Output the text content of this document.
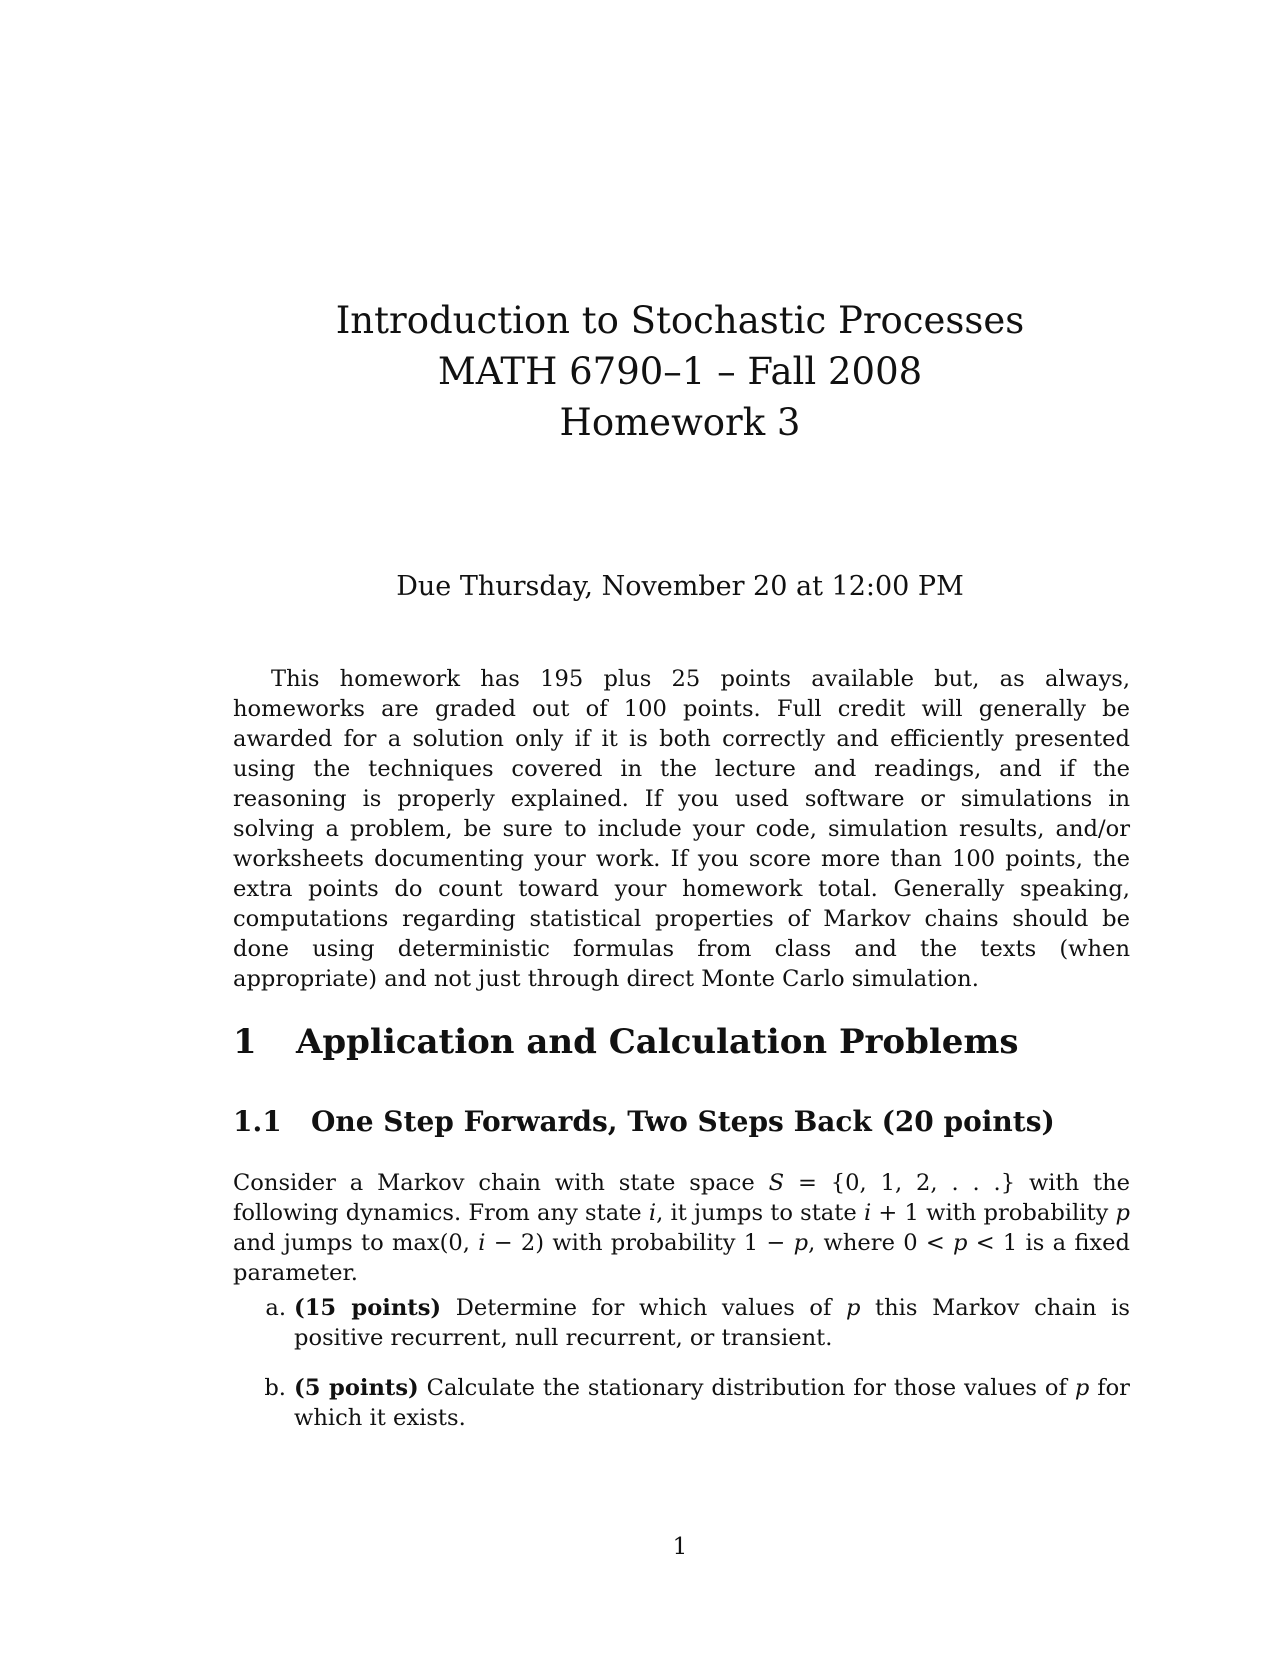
Introduction to Stochastic Processes
MATH 6790–1 – Fall 2008
Homework 3
Due Thursday, November 20 at 12:00 PM

This homework has 195 plus 25 points available but, as always, homeworks are graded out of 100 points. Full credit will generally be awarded for a solution only if it is both correctly and efficiently presented using the techniques covered in the lecture and readings, and if the reasoning is properly explained. If you used software or simulations in solving a problem, be sure to include your code, simulation results, and/or worksheets documenting your work. If you score more than 100 points, the extra points do count toward your homework total. Generally speaking, computations regarding statistical properties of Markov chains should be done using deterministic formulas from class and the texts (when appropriate) and not just through direct Monte Carlo simulation.

1 Application and Calculation Problems
1.1 One Step Forwards, Two Steps Back (20 points)

Consider a Markov chain with state space S = {0, 1, 2, . . .} with the following dynamics. From any state i, it jumps to state i + 1 with probability p and jumps to max(0, i − 2) with probability 1 − p, where 0 < p < 1 is a fixed parameter.

a. (15 points) Determine for which values of p this Markov chain is positive recurrent, null recurrent, or transient.
b. (5 points) Calculate the stationary distribution for those values of p for which it exists.
1
